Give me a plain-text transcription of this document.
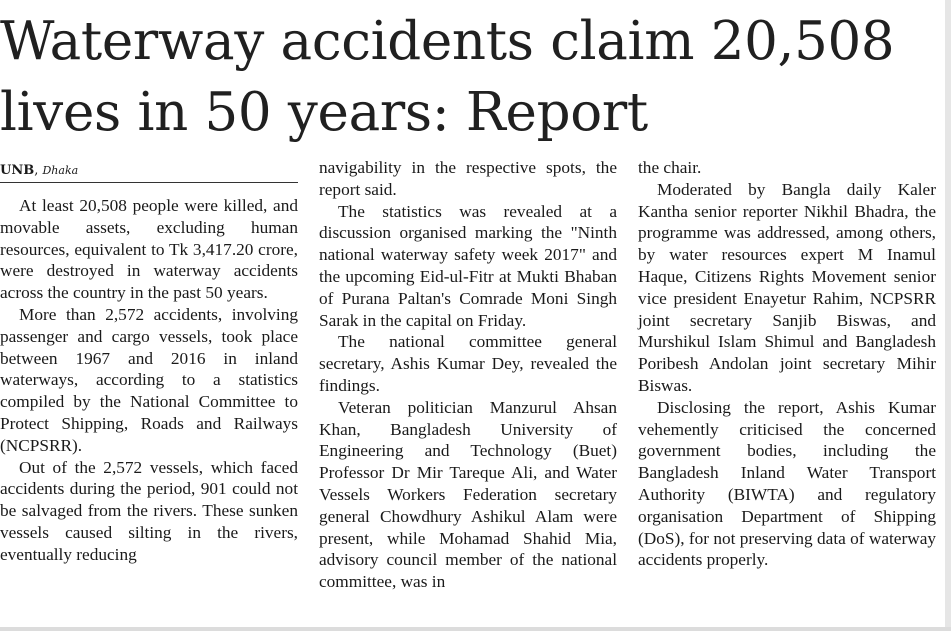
Waterway accidents claim 20,508
lives in 50 years: Report
UNB, Dhaka

At least 20,508 people were killed, and movable assets, excluding human resources, equivalent to Tk 3,417.20 crore, were destroyed in waterway accidents across the country in the past 50 years.

More than 2,572 accidents, involving passenger and cargo vessels, took place between 1967 and 2016 in inland waterways, according to a statistics compiled by the National Committee to Protect Shipping, Roads and Railways (NCPSRR).

Out of the 2,572 vessels, which faced accidents during the period, 901 could not be salvaged from the rivers. These sunken vessels caused silting in the rivers, eventually reducing

navigability in the respective spots, the report said.

The statistics was revealed at a discussion organised marking the "Ninth national waterway safety week 2017" and the upcoming Eid-ul-Fitr at Mukti Bhaban of Purana Paltan's Comrade Moni Singh Sarak in the capital on Friday.

The national committee general secretary, Ashis Kumar Dey, revealed the findings.

Veteran politician Manzurul Ahsan Khan, Bangladesh University of Engineering and Technology (Buet) Professor Dr Mir Tareque Ali, and Water Vessels Workers Federation secretary general Chowdhury Ashikul Alam were present, while Mohamad Shahid Mia, advisory council member of the national committee, was in

the chair.

Moderated by Bangla daily Kaler Kantha senior reporter Nikhil Bhadra, the programme was addressed, among others, by water resources expert M Inamul Haque, Citizens Rights Movement senior vice president Enayetur Rahim, NCPSRR joint secretary Sanjib Biswas, and Murshikul Islam Shimul and Bangladesh Poribesh Andolan joint secretary Mihir Biswas.

Disclosing the report, Ashis Kumar vehemently criticised the concerned government bodies, including the Bangladesh Inland Water Transport Authority (BIWTA) and regulatory organisation Department of Shipping (DoS), for not preserving data of waterway accidents properly.
